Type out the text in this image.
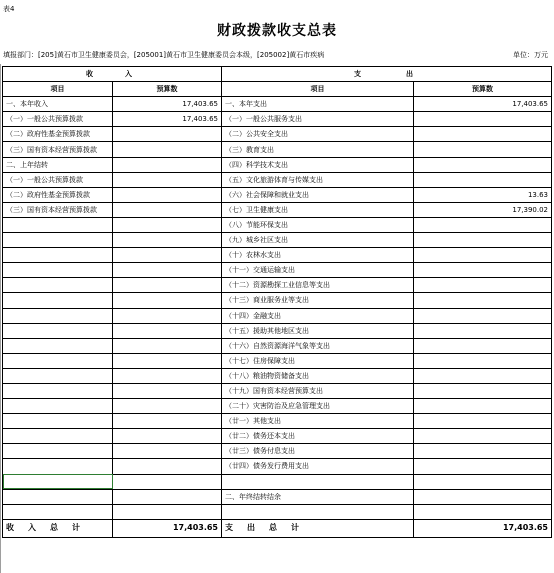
表4
财政拨款收支总表
填报部门：[205]黄石市卫生健康委员会，[205001]黄石市卫生健康委员会本级，[205002]黄石市疾病	单位：万元
收　　入		支　　　出	
项目	预算数	项目	预算数
一、本年收入	17,403.65	一、本年支出	17,403.65
（一）一般公共预算拨款	17,403.65	（一）一般公共服务支出	
（二）政府性基金预算拨款		（二）公共安全支出	
（三）国有资本经营预算拨款		（三）教育支出	
二、上年结转		（四）科学技术支出	
（一）一般公共预算拨款		（五）文化旅游体育与传媒支出	
（二）政府性基金预算拨款		（六）社会保障和就业支出	13.63
（三）国有资本经营预算拨款		（七）卫生健康支出	17,390.02
		（八）节能环保支出	
		（九）城乡社区支出	
		（十）农林水支出	
		（十一）交通运输支出	
		（十二）资源勘探工业信息等支出	
		（十三）商业服务业等支出	
		（十四）金融支出	
		（十五）援助其他地区支出	
		（十六）自然资源海洋气象等支出	
		（十七）住房保障支出	
		（十八）粮油物资储备支出	
		（十九）国有资本经营预算支出	
		（二十）灾害防治及应急管理支出	
		（廿一）其他支出	
		（廿二）债务还本支出	
		（廿三）债务付息支出	
		（廿四）债务发行费用支出	

		二、年终结转结余	

收入总计	17,403.65	支出总计	17,403.65
